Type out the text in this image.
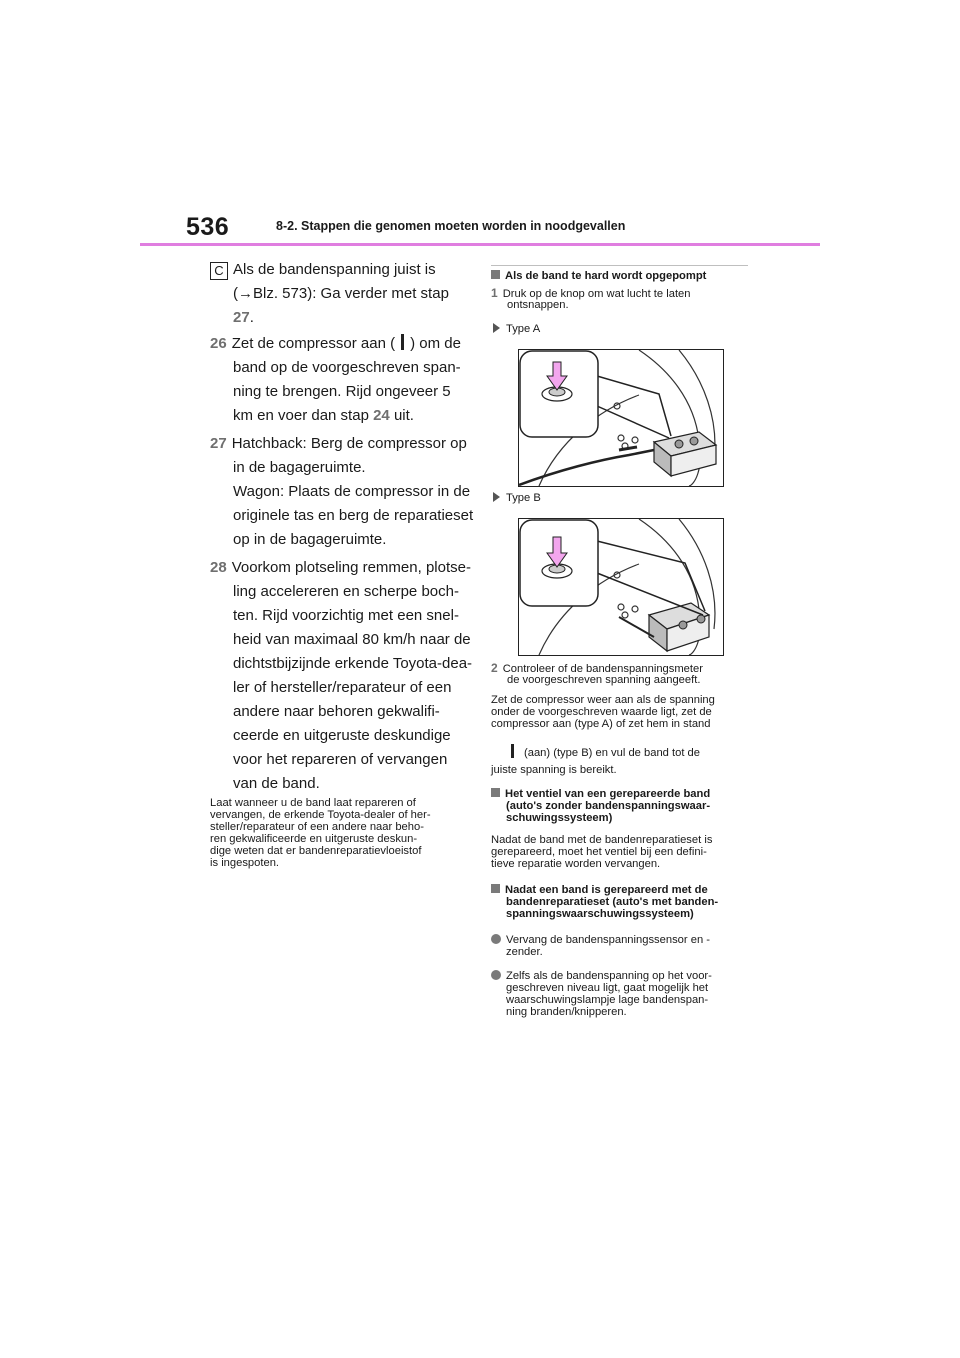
536	8-2. Stappen die genomen moeten worden in noodgevallen
C Als de bandenspanning juist is
(→Blz. 573): Ga verder met stap
27.
26 Zet de compressor aan ( ) om de
band op de voorgeschreven span-
ning te brengen. Rijd ongeveer 5
km en voer dan stap 24 uit.
27 Hatchback: Berg de compressor op
in de bagageruimte.
Wagon: Plaats de compressor in de
originele tas en berg de reparatieset
op in de bagageruimte.
28 Voorkom plotseling remmen, plotse-
ling accelereren en scherpe boch-
ten. Rijd voorzichtig met een snel-
heid van maximaal 80 km/h naar de
dichtstbijzijnde erkende Toyota-dea-
ler of hersteller/reparateur of een
andere naar behoren gekwalifi-
ceerde en uitgeruste deskundige
voor het repareren of vervangen
van de band.
Laat wanneer u de band laat repareren of
vervangen, de erkende Toyota-dealer of her-
steller/reparateur of een andere naar beho-
ren gekwalificeerde en uitgeruste deskun-
dige weten dat er bandenreparatievloeistof
is ingespoten.
Als de band te hard wordt opgepompt
1 Druk op de knop om wat lucht te laten
ontsnappen.
Type A
Type B
2 Controleer of de bandenspanningsmeter
de voorgeschreven spanning aangeeft.
Zet de compressor weer aan als de spanning
onder de voorgeschreven waarde ligt, zet de
compressor aan (type A) of zet hem in stand
(aan) (type B) en vul de band tot de
juiste spanning is bereikt.
Het ventiel van een gerepareerde band
(auto's zonder bandenspanningswaar-
schuwingssysteem)
Nadat de band met de bandenreparatieset is
gerepareerd, moet het ventiel bij een defini-
tieve reparatie worden vervangen.
Nadat een band is gerepareerd met de
bandenreparatieset (auto's met banden-
spanningswaarschuwingssysteem)
Vervang de bandenspanningssensor en -
zender.
Zelfs als de bandenspanning op het voor-
geschreven niveau ligt, gaat mogelijk het
waarschuwingslampje lage bandenspan-
ning branden/knipperen.
